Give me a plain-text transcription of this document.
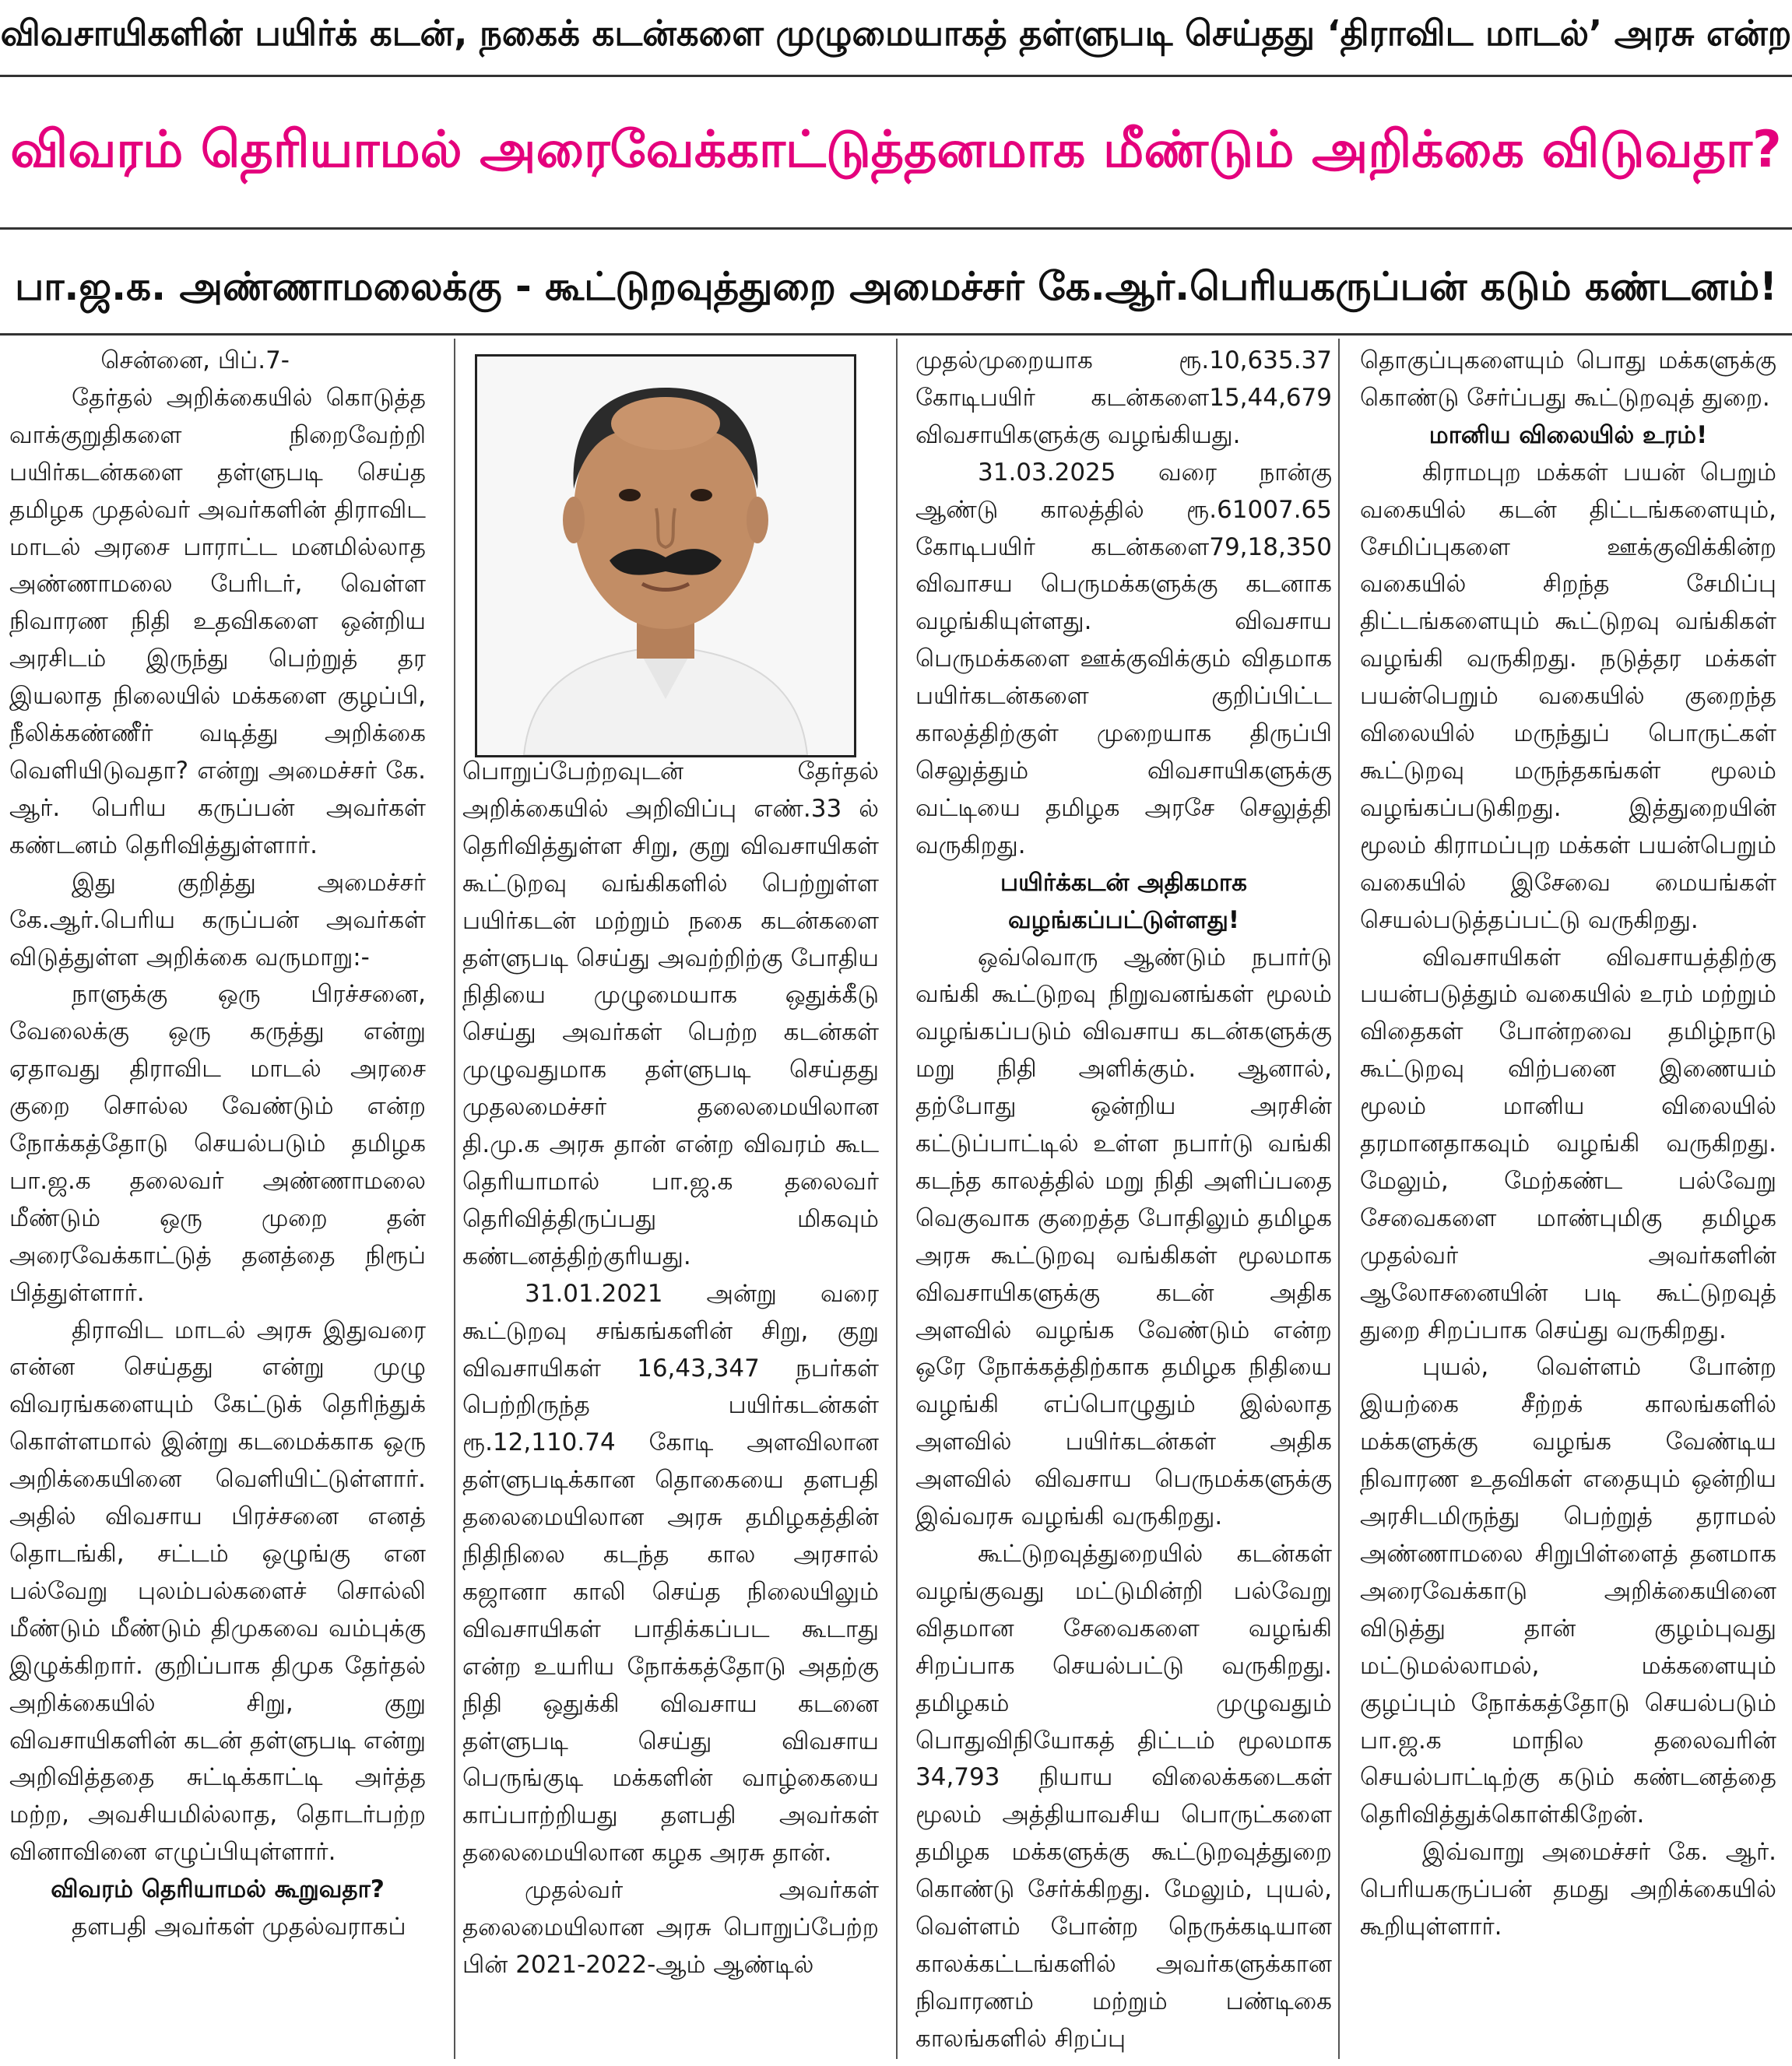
விவசாயிகளின் பயிர்க் கடன், நகைக் கடன்களை முழுமையாகத் தள்ளுபடி செய்தது ‘திராவிட மாடல்’ அரசு என்ற
விவரம் தெரியாமல் அரைவேக்காட்டுத்தனமாக மீண்டும் அறிக்கை விடுவதா?
பா.ஜ.க. அண்ணாமலைக்கு - கூட்டுறவுத்துறை அமைச்சர் கே.ஆர்.பெரியகருப்பன் கடும் கண்டனம்!

சென்னை, பிப்.7-

தேர்தல் அறிக்கையில் கொடுத்த வாக்குறுதிகளை நிறைவேற்றி பயிர்கடன்களை தள்ளுபடி செய்த தமிழக முதல்வர் அவர்களின் திராவிட மாடல் அரசை பாராட்ட மனமில்லாத அண்ணாமலை பேரிடர், வெள்ள நிவாரண நிதி உதவிகளை ஒன்றிய அரசிடம் இருந்து பெற்றுத் தர இயலாத நிலையில் மக்களை குழப்பி, நீலிக்கண்ணீர் வடித்து அறிக்கை வெளியிடுவதா? என்று அமைச்சர் கே. ஆர். பெரிய கருப்பன் அவர்கள் கண்டனம் தெரிவித்துள்ளார்.

இது குறித்து அமைச்சர் கே.ஆர்.பெரிய கருப்பன் அவர்கள் விடுத்துள்ள அறிக்கை வருமாறு:-

நாளுக்கு ஒரு பிரச்சனை, வேலைக்கு ஒரு கருத்து என்று ஏதாவது திராவிட மாடல் அரசை குறை சொல்ல வேண்டும் என்ற நோக்கத்தோடு செயல்படும் தமிழக பா.ஜ.க தலைவர் அண்ணாமலை மீண்டும் ஒரு முறை தன் அரைவேக்காட்டுத் தனத்தை நிரூப் பித்துள்ளார்.

திராவிட மாடல் அரசு இதுவரை என்ன செய்தது என்று முழு விவரங்களையும் கேட்டுக் தெரிந்துக் கொள்ளமால் இன்று கடமைக்காக ஒரு அறிக்கையினை வெளியிட்டுள்ளார். அதில் விவசாய பிரச்சனை எனத் தொடங்கி, சட்டம் ஒழுங்கு என பல்வேறு புலம்பல்களைச் சொல்லி மீண்டும் மீண்டும் திமுகவை வம்புக்கு இழுக்கிறார். குறிப்பாக திமுக தேர்தல் அறிக்கையில் சிறு, குறு விவசாயிகளின் கடன் தள்ளுபடி என்று அறிவித்ததை சுட்டிக்காட்டி அர்த்த மற்ற, அவசியமில்லாத, தொடர்பற்ற வினாவினை எழுப்பியுள்ளார்.

விவரம் தெரியாமல் கூறுவதா?

தளபதி அவர்கள் முதல்வராகப்

பொறுப்பேற்றவுடன் தேர்தல் அறிக்கையில் அறிவிப்பு எண்.33 ல் தெரிவித்துள்ள சிறு, குறு விவசாயிகள் கூட்டுறவு வங்கிகளில் பெற்றுள்ள பயிர்கடன் மற்றும் நகை கடன்களை தள்ளுபடி செய்து அவற்றிற்கு போதிய நிதியை முழுமையாக ஒதுக்கீடு செய்து அவர்கள் பெற்ற கடன்கள் முழுவதுமாக தள்ளுபடி செய்தது முதலமைச்சர் தலைமையிலான தி.மு.க அரசு தான் என்ற விவரம் கூட தெரியாமால் பா.ஜ.க தலைவர் தெரிவித்திருப்பது மிகவும் கண்டனத்திற்குரியது.

31.01.2021 அன்று வரை கூட்டுறவு சங்கங்களின் சிறு, குறு விவசாயிகள் 16,43,347 நபர்கள் பெற்றிருந்த பயிர்கடன்கள் ரூ.12,110.74 கோடி அளவிலான தள்ளுபடிக்கான தொகையை தளபதி தலைமையிலான அரசு தமிழகத்தின் நிதிநிலை கடந்த கால அரசால் கஜானா காலி செய்த நிலையிலும் விவசாயிகள் பாதிக்கப்பட கூடாது என்ற உயரிய நோக்கத்தோடு அதற்கு நிதி ஒதுக்கி விவசாய கடனை தள்ளுபடி செய்து விவசாய பெருங்குடி மக்களின் வாழ்கையை காப்பாற்றியது தளபதி அவர்கள் தலைமையிலான கழக அரசு தான்.

முதல்வர் அவர்கள் தலைமையிலான அரசு பொறுப்பேற்ற பின் 2021-2022-ஆம் ஆண்டில்

முதல்முறையாக ரூ.10,635.37 கோடிபயிர் கடன்களை15,44,679 விவசாயிகளுக்கு வழங்கியது.

31.03.2025 வரை நான்கு ஆண்டு காலத்தில் ரூ.61007.65 கோடிபயிர் கடன்களை79,18,350 விவாசய பெருமக்களுக்கு கடனாக வழங்கியுள்ளது. விவசாய பெருமக்களை ஊக்குவிக்கும் விதமாக பயிர்கடன்களை குறிப்பிட்ட காலத்திற்குள் முறையாக திருப்பி செலுத்தும் விவசாயிகளுக்கு வட்டியை தமிழக அரசே செலுத்தி வருகிறது.

பயிர்க்கடன் அதிகமாக வழங்கப்பட்டுள்ளது!

ஒவ்வொரு ஆண்டும் நபார்டு வங்கி கூட்டுறவு நிறுவனங்கள் மூலம் வழங்கப்படும் விவசாய கடன்களுக்கு மறு நிதி அளிக்கும். ஆனால், தற்போது ஒன்றிய அரசின் கட்டுப்பாட்டில் உள்ள நபார்டு வங்கி கடந்த காலத்தில் மறு நிதி அளிப்பதை வெகுவாக குறைத்த போதிலும் தமிழக அரசு கூட்டுறவு வங்கிகள் மூலமாக விவசாயிகளுக்கு கடன் அதிக அளவில் வழங்க வேண்டும் என்ற ஒரே நோக்கத்திற்காக தமிழக நிதியை வழங்கி எப்பொழுதும் இல்லாத அளவில் பயிர்கடன்கள் அதிக அளவில் விவசாய பெருமக்களுக்கு இவ்வரசு வழங்கி வருகிறது.

கூட்டுறவுத்துறையில் கடன்கள் வழங்குவது மட்டுமின்றி பல்வேறு விதமான சேவைகளை வழங்கி சிறப்பாக செயல்பட்டு வருகிறது. தமிழகம் முழுவதும் பொதுவிநியோகத் திட்டம் மூலமாக 34,793 நியாய விலைக்கடைகள் மூலம் அத்தியாவசிய பொருட்களை தமிழக மக்களுக்கு கூட்டுறவுத்துறை கொண்டு சேர்க்கிறது. மேலும், புயல், வெள்ளம் போன்ற நெருக்கடியான காலக்கட்டங்களில் அவர்களுக்கான நிவாரணம் மற்றும் பண்டிகை காலங்களில் சிறப்பு

தொகுப்புகளையும் பொது மக்களுக்கு கொண்டு சேர்ப்பது கூட்டுறவுத் துறை.

மானிய விலையில் உரம்!

கிராமபுற மக்கள் பயன் பெறும் வகையில் கடன் திட்டங்களையும், சேமிப்புகளை ஊக்குவிக்கின்ற வகையில் சிறந்த சேமிப்பு திட்டங்களையும் கூட்டுறவு வங்கிகள் வழங்கி வருகிறது. நடுத்தர மக்கள் பயன்பெறும் வகையில் குறைந்த விலையில் மருந்துப் பொருட்கள் கூட்டுறவு மருந்தகங்கள் மூலம் வழங்கப்படுகிறது. இத்துறையின் மூலம் கிராமப்புற மக்கள் பயன்பெறும் வகையில் இசேவை மையங்கள் செயல்படுத்தப்பட்டு வருகிறது.

விவசாயிகள் விவசாயத்திற்கு பயன்படுத்தும் வகையில் உரம் மற்றும் விதைகள் போன்றவை தமிழ்நாடு கூட்டுறவு விற்பனை இணையம் மூலம் மானிய விலையில் தரமானதாகவும் வழங்கி வருகிறது. மேலும், மேற்கண்ட பல்வேறு சேவைகளை மாண்புமிகு தமிழக முதல்வர் அவர்களின் ஆலோசனையின் படி கூட்டுறவுத் துறை சிறப்பாக செய்து வருகிறது.

புயல், வெள்ளம் போன்ற இயற்கை சீற்றக் காலங்களில் மக்களுக்கு வழங்க வேண்டிய நிவாரண உதவிகள் எதையும் ஒன்றிய அரசிடமிருந்து பெற்றுத் தராமல் அண்ணாமலை சிறுபிள்ளைத் தனமாக அரைவேக்காடு அறிக்கையினை விடுத்து தான் குழம்புவது மட்டுமல்லாமல், மக்களையும் குழப்பும் நோக்கத்தோடு செயல்படும் பா.ஜ.க மாநில தலைவரின் செயல்பாட்டிற்கு கடும் கண்டனத்தை தெரிவித்துக்கொள்கிறேன்.

இவ்வாறு அமைச்சர் கே. ஆர். பெரியகருப்பன் தமது அறிக்கையில் கூறியுள்ளார்.
